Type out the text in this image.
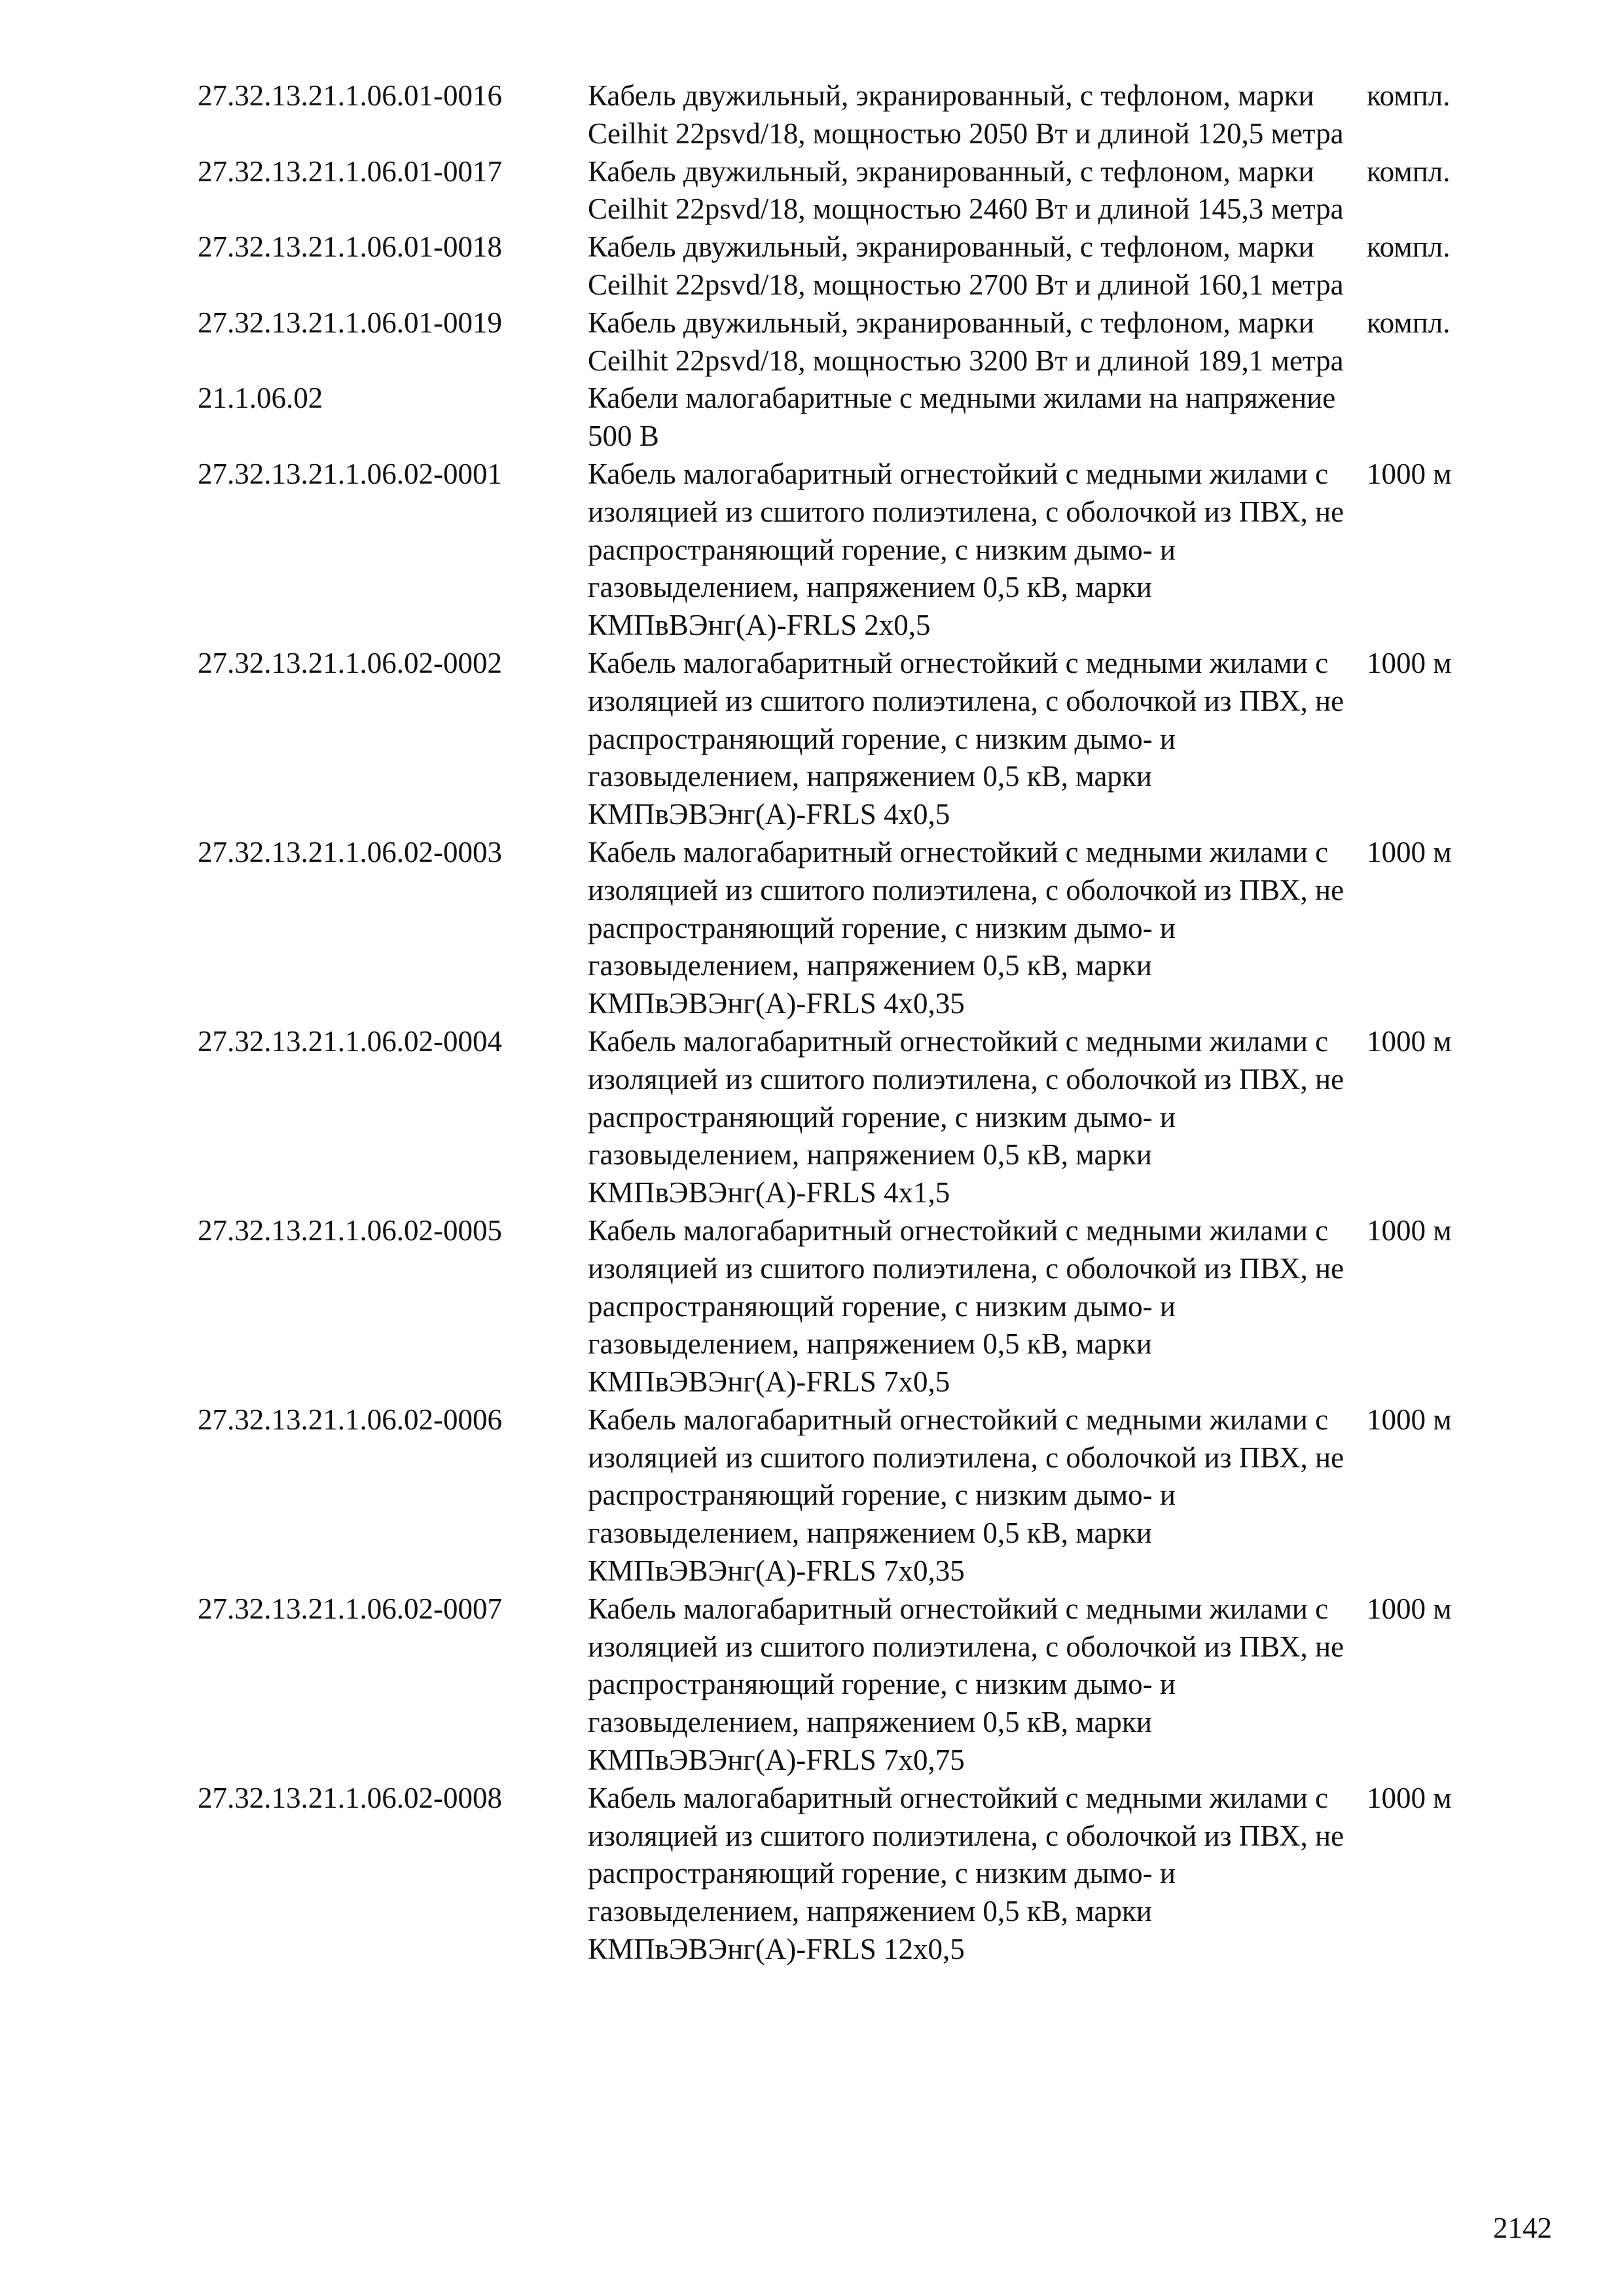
27.32.13.21.1.06.01-0016	Кабель двужильный, экранированный, с тефлоном, марки Ceilhit 22psvd/18, мощностью 2050 Вт и длиной 120,5 метра
компл.
27.32.13.21.1.06.01-0017	Кабель двужильный, экранированный, с тефлоном, марки Ceilhit 22psvd/18, мощностью 2460 Вт и длиной 145,3 метра
компл.
27.32.13.21.1.06.01-0018	Кабель двужильный, экранированный, с тефлоном, марки Ceilhit 22psvd/18, мощностью 2700 Вт и длиной 160,1 метра
компл.
27.32.13.21.1.06.01-0019	Кабель двужильный, экранированный, с тефлоном, марки Ceilhit 22psvd/18, мощностью 3200 Вт и длиной 189,1 метра
компл.
21.1.06.02	Кабели малогабаритные с медными жилами на напряжение 500 В
27.32.13.21.1.06.02-0001	Кабель малогабаритный огнестойкий с медными жилами с изоляцией из сшитого полиэтилена, с оболочкой из ПВХ, не распространяющий горение, с низким дымо- и газовыделением, напряжением 0,5 кВ, марки КМПвВЭнг(А)-FRLS 2х0,5
1000 м
27.32.13.21.1.06.02-0002	Кабель малогабаритный огнестойкий с медными жилами с изоляцией из сшитого полиэтилена, с оболочкой из ПВХ, не распространяющий горение, с низким дымо- и газовыделением, напряжением 0,5 кВ, марки КМПвЭВЭнг(А)-FRLS 4х0,5
1000 м
27.32.13.21.1.06.02-0003	Кабель малогабаритный огнестойкий с медными жилами с изоляцией из сшитого полиэтилена, с оболочкой из ПВХ, не распространяющий горение, с низким дымо- и газовыделением, напряжением 0,5 кВ, марки КМПвЭВЭнг(А)-FRLS 4х0,35
1000 м
27.32.13.21.1.06.02-0004	Кабель малогабаритный огнестойкий с медными жилами с изоляцией из сшитого полиэтилена, с оболочкой из ПВХ, не распространяющий горение, с низким дымо- и газовыделением, напряжением 0,5 кВ, марки КМПвЭВЭнг(А)-FRLS 4х1,5
1000 м
27.32.13.21.1.06.02-0005	Кабель малогабаритный огнестойкий с медными жилами с изоляцией из сшитого полиэтилена, с оболочкой из ПВХ, не распространяющий горение, с низким дымо- и газовыделением, напряжением 0,5 кВ, марки КМПвЭВЭнг(А)-FRLS 7х0,5
1000 м
27.32.13.21.1.06.02-0006	Кабель малогабаритный огнестойкий с медными жилами с изоляцией из сшитого полиэтилена, с оболочкой из ПВХ, не распространяющий горение, с низким дымо- и газовыделением, напряжением 0,5 кВ, марки КМПвЭВЭнг(А)-FRLS 7х0,35
1000 м
27.32.13.21.1.06.02-0007	Кабель малогабаритный огнестойкий с медными жилами с изоляцией из сшитого полиэтилена, с оболочкой из ПВХ, не распространяющий горение, с низким дымо- и газовыделением, напряжением 0,5 кВ, марки КМПвЭВЭнг(А)-FRLS 7х0,75
1000 м
27.32.13.21.1.06.02-0008	Кабель малогабаритный огнестойкий с медными жилами с изоляцией из сшитого полиэтилена, с оболочкой из ПВХ, не распространяющий горение, с низким дымо- и газовыделением, напряжением 0,5 кВ, марки КМПвЭВЭнг(А)-FRLS 12х0,5
1000 м
2142
